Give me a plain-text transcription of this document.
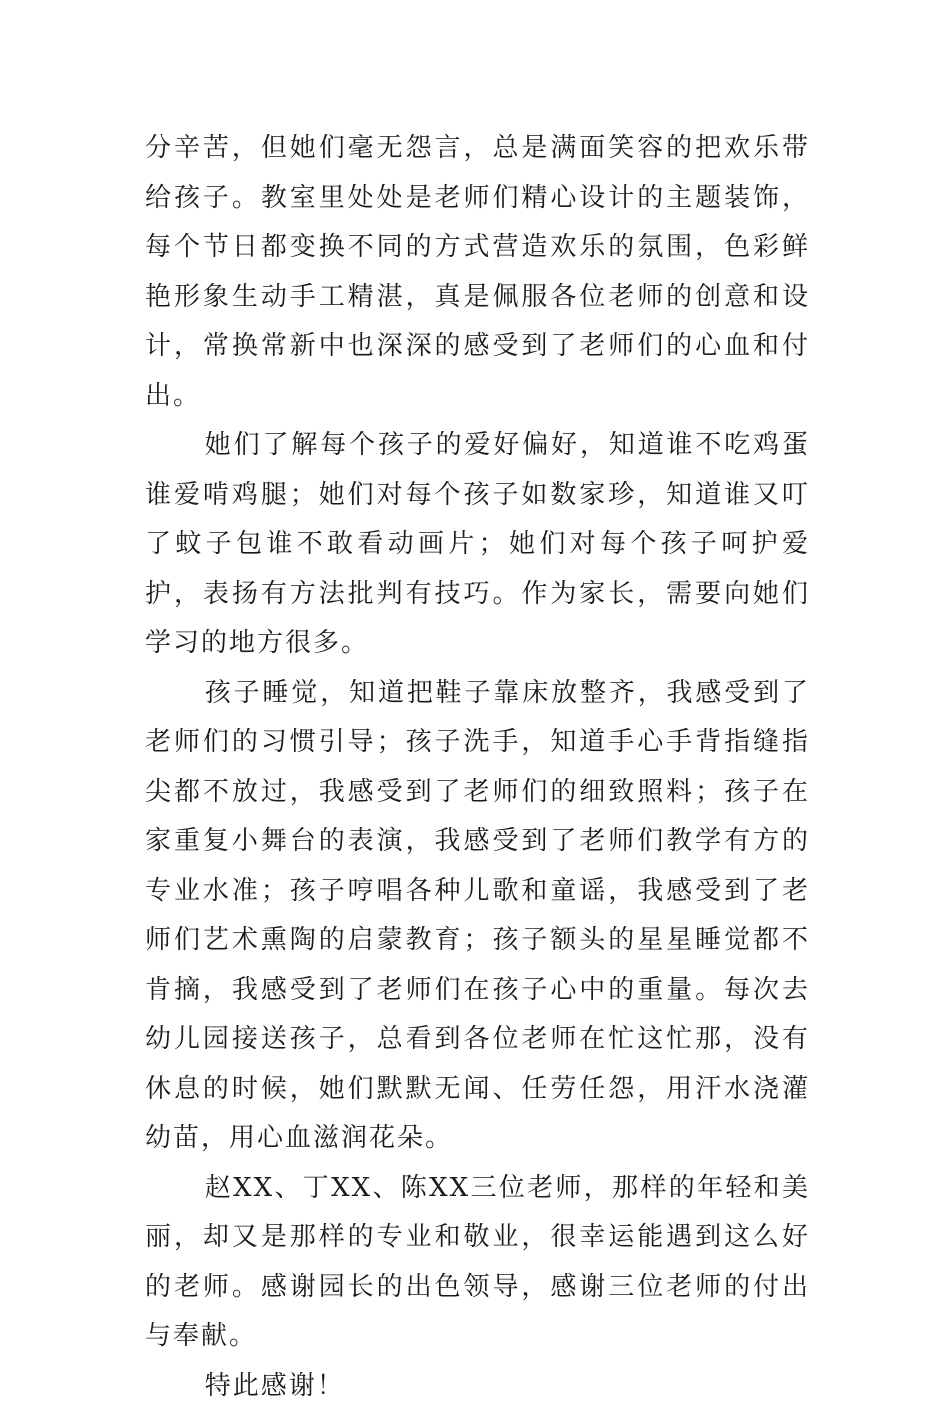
分辛苦，但她们毫无怨言，总是满面笑容的把欢乐带给孩子。教室里处处是老师们精心设计的主题装饰，每个节日都变换不同的方式营造欢乐的氛围，色彩鲜艳形象生动手工精湛，真是佩服各位老师的创意和设计，常换常新中也深深的感受到了老师们的心血和付出。

她们了解每个孩子的爱好偏好，知道谁不吃鸡蛋谁爱啃鸡腿；她们对每个孩子如数家珍，知道谁又叮了蚊子包谁不敢看动画片；她们对每个孩子呵护爱护，表扬有方法批判有技巧。作为家长，需要向她们学习的地方很多。

孩子睡觉，知道把鞋子靠床放整齐，我感受到了老师们的习惯引导；孩子洗手，知道手心手背指缝指尖都不放过，我感受到了老师们的细致照料；孩子在家重复小舞台的表演，我感受到了老师们教学有方的专业水准；孩子哼唱各种儿歌和童谣，我感受到了老师们艺术熏陶的启蒙教育；孩子额头的星星睡觉都不肯摘，我感受到了老师们在孩子心中的重量。每次去幼儿园接送孩子，总看到各位老师在忙这忙那，没有休息的时候，她们默默无闻、任劳任怨，用汗水浇灌幼苗，用心血滋润花朵。

赵XX、丁XX、陈XX三位老师，那样的年轻和美丽，却又是那样的专业和敬业，很幸运能遇到这么好的老师。感谢园长的出色领导，感谢三位老师的付出与奉献。

特此感谢！
